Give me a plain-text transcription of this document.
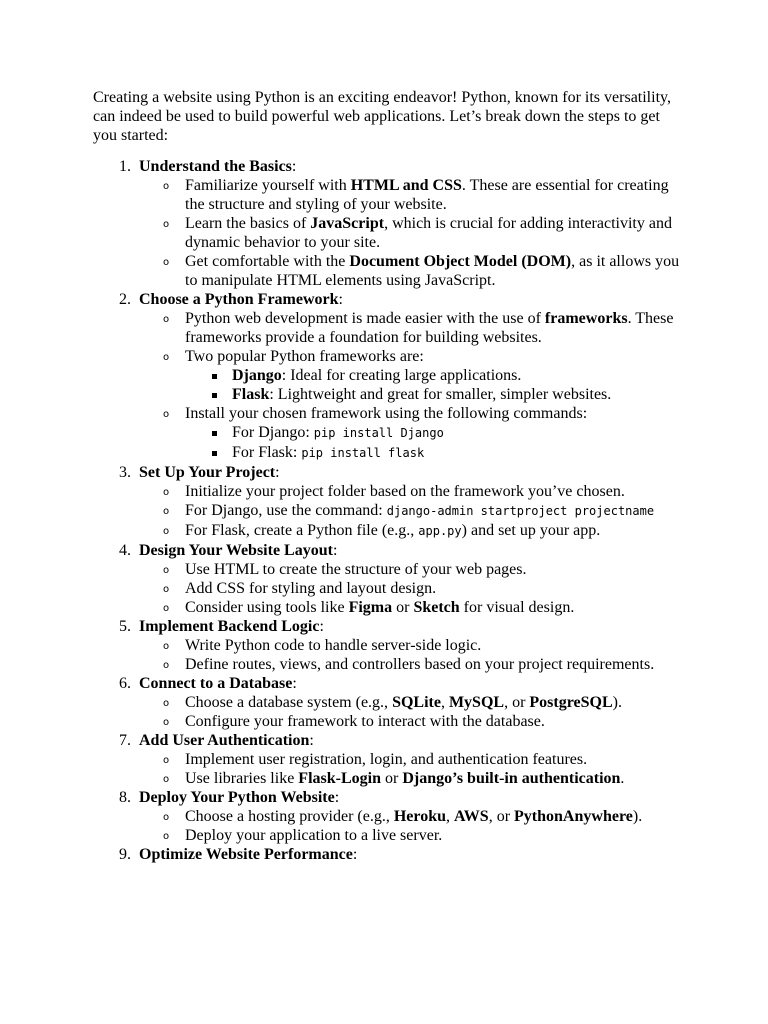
Creating a website using Python is an exciting endeavor! Python, known for its versatility, can indeed be used to build powerful web applications. Let’s break down the steps to get you started:

1. Understand the Basics:
o Familiarize yourself with HTML and CSS. These are essential for creating the structure and styling of your website.
o Learn the basics of JavaScript, which is crucial for adding interactivity and dynamic behavior to your site.
o Get comfortable with the Document Object Model (DOM), as it allows you to manipulate HTML elements using JavaScript.
2. Choose a Python Framework:
o Python web development is made easier with the use of frameworks. These frameworks provide a foundation for building websites.
o Two popular Python frameworks are:
Django: Ideal for creating large applications.
Flask: Lightweight and great for smaller, simpler websites.
o Install your chosen framework using the following commands:
For Django: pip install Django
For Flask: pip install flask
3. Set Up Your Project:
o Initialize your project folder based on the framework you’ve chosen.
o For Django, use the command: django-admin startproject projectname
o For Flask, create a Python file (e.g., app.py) and set up your app.
4. Design Your Website Layout:
o Use HTML to create the structure of your web pages.
o Add CSS for styling and layout design.
o Consider using tools like Figma or Sketch for visual design.
5. Implement Backend Logic:
o Write Python code to handle server-side logic.
o Define routes, views, and controllers based on your project requirements.
6. Connect to a Database:
o Choose a database system (e.g., SQLite, MySQL, or PostgreSQL).
o Configure your framework to interact with the database.
7. Add User Authentication:
o Implement user registration, login, and authentication features.
o Use libraries like Flask-Login or Django’s built-in authentication.
8. Deploy Your Python Website:
o Choose a hosting provider (e.g., Heroku, AWS, or PythonAnywhere).
o Deploy your application to a live server.
9. Optimize Website Performance:
